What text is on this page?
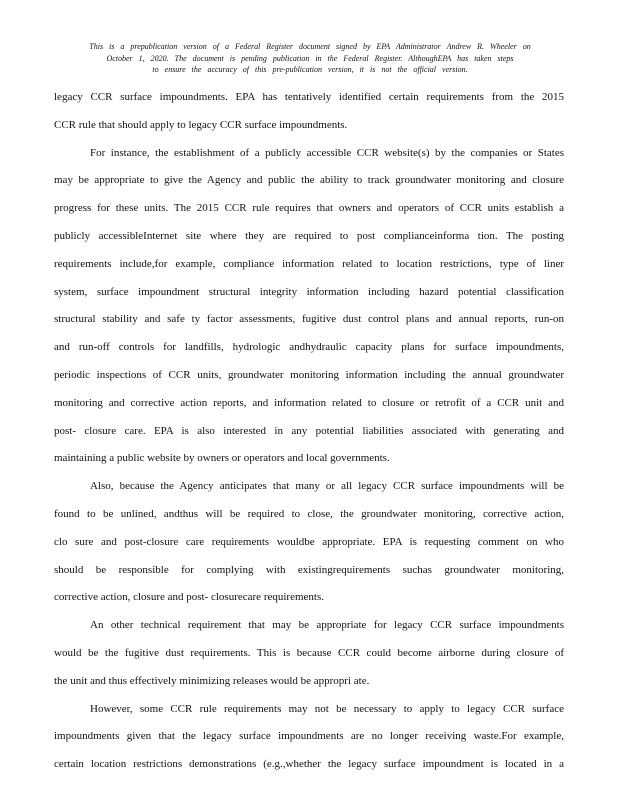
This is a prepublication version of a Federal Register document signed by EPA Administrator Andrew R. Wheeler on
October 1, 2020. The document is pending publication in the Federal Register. AlthoughEPA has taken steps
to ensure the accuracy of this pre-publication version, it is not the official version.
legacy CCR surface impoundments. EPA has tentatively identified certain requirements from the 2015
CCR rule that should apply to legacy CCR surface impoundments.
For instance, the establishment of a publicly accessible CCR website(s) by the companies or States
may be appropriate to give the Agency and public the ability to track groundwater monitoring and closure
progress for these units. The 2015 CCR rule requires that owners and operators of CCR units establish a
publicly accessibleInternet site where they are required to post complianceinforma tion. The posting
requirements include,for example, compliance information related to location restrictions, type of liner
system, surface impoundment structural integrity information including hazard potential classification
structural stability and safe ty factor assessments, fugitive dust control plans and annual reports, run-on
and run-off controls for landfills, hydrologic andhydraulic capacity plans for surface impoundments,
periodic inspections of CCR units, groundwater monitoring information including the annual groundwater
monitoring and corrective action reports, and information related to closure or retrofit of a CCR unit and
post- closure care. EPA is also interested in any potential liabilities associated with generating and
maintaining a public website by owners or operators and local governments.
Also, because the Agency anticipates that many or all legacy CCR surface impoundments will be
found to be unlined, andthus will be required to close, the groundwater monitoring, corrective action,
clo sure and post-closure care requirements wouldbe appropriate. EPA is requesting comment on who
should be responsible for complying with existingrequirements suchas groundwater monitoring,
corrective action, closure and post- closurecare requirements.
An other technical requirement that may be appropriate for legacy CCR surface impoundments
would be the fugitive dust requirements. This is because CCR could become airborne during closure of
the unit and thus effectively minimizing releases would be appropri ate.
However, some CCR rule requirements may not be necessary to apply to legacy CCR surface
impoundments given that the legacy surface impoundments are no longer receiving waste.For example,
certain location restrictions demonstrations (e.g.,whether the legacy surface impoundment is located in a
